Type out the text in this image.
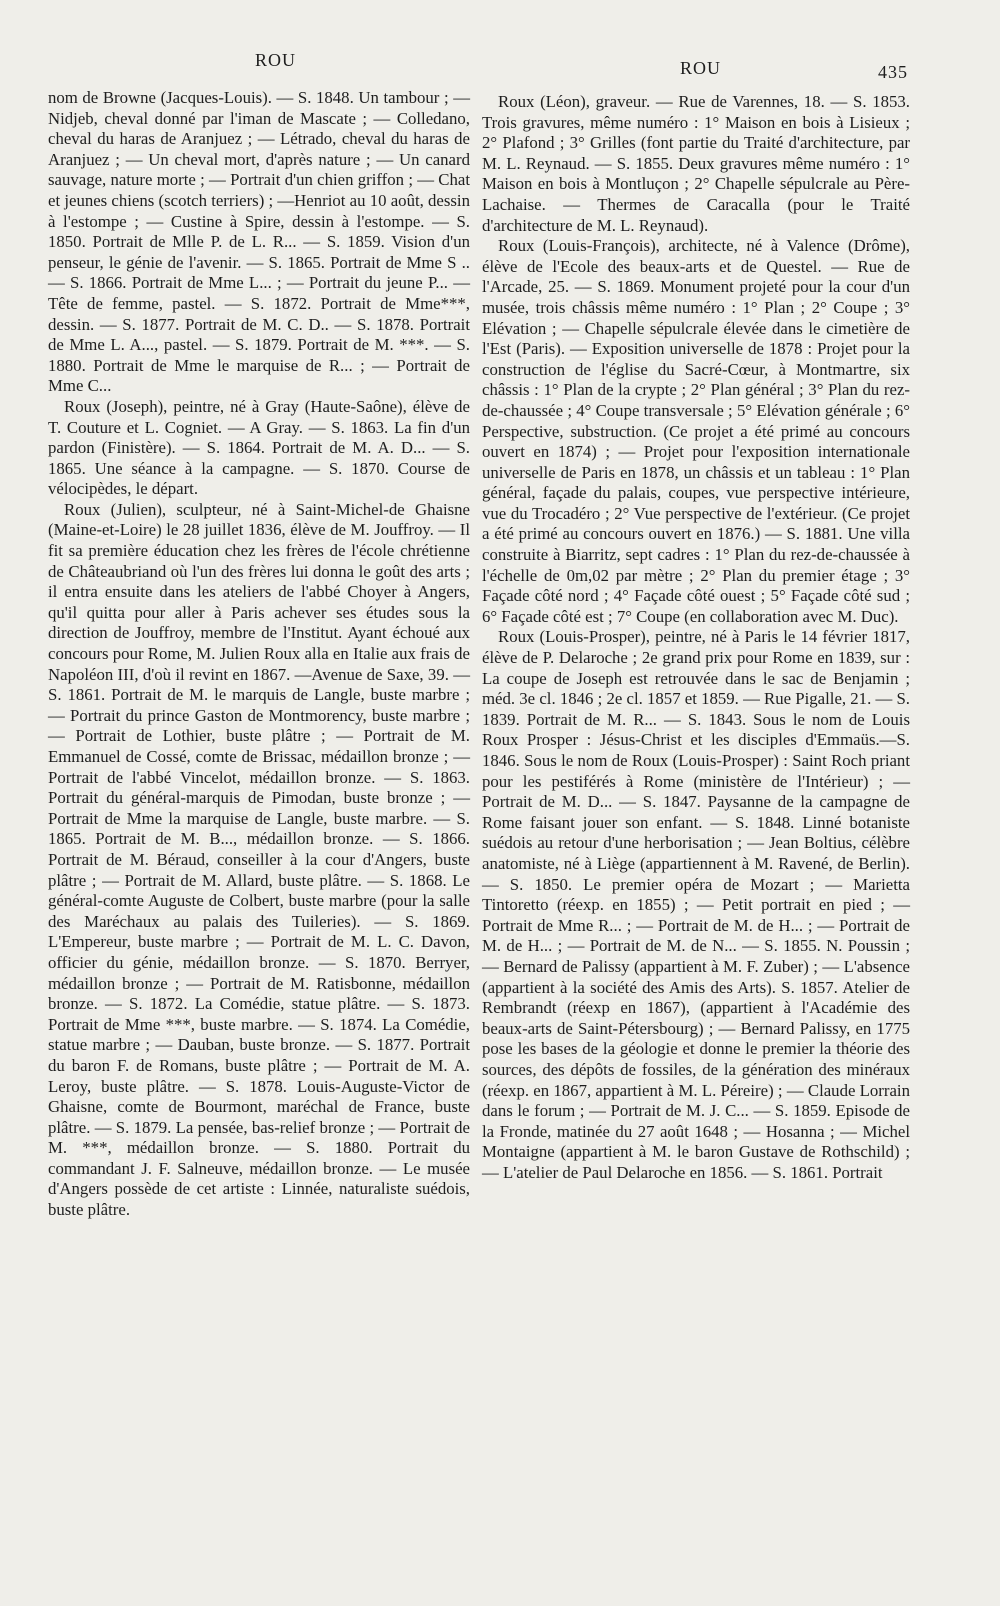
ROU	ROU	435

nom de Browne (Jacques-Louis). — S. 1848. Un tambour ; — Nidjeb, cheval donné par l'iman de Mascate ; — Colledano, cheval du haras de Aranjuez ; — Létrado, cheval du haras de Aranjuez ; — Un cheval mort, d'après nature ; — Un canard sauvage, nature morte ; — Portrait d'un chien griffon ; — Chat et jeunes chiens (scotch terriers) ; —Henriot au 10 août, dessin à l'estompe ; — Custine à Spire, dessin à l'estompe. — S. 1850. Portrait de Mlle P. de L. R... — S. 1859. Vision d'un penseur, le génie de l'avenir. — S. 1865. Portrait de Mme S .. — S. 1866. Portrait de Mme L... ; — Portrait du jeune P... — Tête de femme, pastel. — S. 1872. Portrait de Mme***, dessin. — S. 1877. Portrait de M. C. D.. — S. 1878. Portrait de Mme L. A..., pastel. — S. 1879. Portrait de M. ***. — S. 1880. Portrait de Mme le marquise de R... ; — Portrait de Mme C...

Roux (Joseph), peintre, né à Gray (Haute-Saône), élève de T. Couture et L. Cogniet. — A Gray. — S. 1863. La fin d'un pardon (Finistère). — S. 1864. Portrait de M. A. D... — S. 1865. Une séance à la campagne. — S. 1870. Course de vélocipèdes, le départ.

Roux (Julien), sculpteur, né à Saint-Michel-de Ghaisne (Maine-et-Loire) le 28 juillet 1836, élève de M. Jouffroy. — Il fit sa première éducation chez les frères de l'école chrétienne de Châteaubriand où l'un des frères lui donna le goût des arts ; il entra ensuite dans les ateliers de l'abbé Choyer à Angers, qu'il quitta pour aller à Paris achever ses études sous la direction de Jouffroy, membre de l'Institut. Ayant échoué aux concours pour Rome, M. Julien Roux alla en Italie aux frais de Napoléon III, d'où il revint en 1867. —Avenue de Saxe, 39. — S. 1861. Portrait de M. le marquis de Langle, buste marbre ; — Portrait du prince Gaston de Montmorency, buste marbre ; — Portrait de Lothier, buste plâtre ; — Portrait de M. Emmanuel de Cossé, comte de Brissac, médaillon bronze ; — Portrait de l'abbé Vincelot, médaillon bronze. — S. 1863. Portrait du général-marquis de Pimodan, buste bronze ; — Portrait de Mme la marquise de Langle, buste marbre. — S. 1865. Portrait de M. B..., médaillon bronze. — S. 1866. Portrait de M. Béraud, conseiller à la cour d'Angers, buste plâtre ; — Portrait de M. Allard, buste plâtre. — S. 1868. Le général-comte Auguste de Colbert, buste marbre (pour la salle des Maréchaux au palais des Tuileries). — S. 1869. L'Empereur, buste marbre ; — Portrait de M. L. C. Davon, officier du génie, médaillon bronze. — S. 1870. Berryer, médaillon bronze ; — Portrait de M. Ratisbonne, médaillon bronze. — S. 1872. La Comédie, statue plâtre. — S. 1873. Portrait de Mme ***, buste marbre. — S. 1874. La Comédie, statue marbre ; — Dauban, buste bronze. — S. 1877. Portrait du baron F. de Romans, buste plâtre ; — Portrait de M. A. Leroy, buste plâtre. — S. 1878. Louis-Auguste-Victor de Ghaisne, comte de Bourmont, maréchal de France, buste plâtre. — S. 1879. La pensée, bas-relief bronze ; — Portrait de M. ***, médaillon bronze. — S. 1880. Portrait du commandant J. F. Salneuve, médaillon bronze. — Le musée d'Angers possède de cet artiste : Linnée, naturaliste suédois, buste plâtre.

Roux (Léon), graveur. — Rue de Varennes, 18. — S. 1853. Trois gravures, même numéro : 1° Maison en bois à Lisieux ; 2° Plafond ; 3° Grilles (font partie du Traité d'architecture, par M. L. Reynaud. — S. 1855. Deux gravures même numéro : 1° Maison en bois à Montluçon ; 2° Chapelle sépulcrale au Père-Lachaise. — Thermes de Caracalla (pour le Traité d'architecture de M. L. Reynaud).

Roux (Louis-François), architecte, né à Valence (Drôme), élève de l'Ecole des beaux-arts et de Questel. — Rue de l'Arcade, 25. — S. 1869. Monument projeté pour la cour d'un musée, trois châssis même numéro : 1° Plan ; 2° Coupe ; 3° Elévation ; — Chapelle sépulcrale élevée dans le cimetière de l'Est (Paris). — Exposition universelle de 1878 : Projet pour la construction de l'église du Sacré-Cœur, à Montmartre, six châssis : 1° Plan de la crypte ; 2° Plan général ; 3° Plan du rez-de-chaussée ; 4° Coupe transversale ; 5° Elévation générale ; 6° Perspective, substruction. (Ce projet a été primé au concours ouvert en 1874) ; — Projet pour l'exposition internationale universelle de Paris en 1878, un châssis et un tableau : 1° Plan général, façade du palais, coupes, vue perspective intérieure, vue du Trocadéro ; 2° Vue perspective de l'extérieur. (Ce projet a été primé au concours ouvert en 1876.) — S. 1881. Une villa construite à Biarritz, sept cadres : 1° Plan du rez-de-chaussée à l'échelle de 0m,02 par mètre ; 2° Plan du premier étage ; 3° Façade côté nord ; 4° Façade côté ouest ; 5° Façade côté sud ; 6° Façade côté est ; 7° Coupe (en collaboration avec M. Duc).

Roux (Louis-Prosper), peintre, né à Paris le 14 février 1817, élève de P. Delaroche ; 2e grand prix pour Rome en 1839, sur : La coupe de Joseph est retrouvée dans le sac de Benjamin ; méd. 3e cl. 1846 ; 2e cl. 1857 et 1859. — Rue Pigalle, 21. — S. 1839. Portrait de M. R... — S. 1843. Sous le nom de Louis Roux Prosper : Jésus-Christ et les disciples d'Emmaüs.—S. 1846. Sous le nom de Roux (Louis-Prosper) : Saint Roch priant pour les pestiférés à Rome (ministère de l'Intérieur) ; — Portrait de M. D... — S. 1847. Paysanne de la campagne de Rome faisant jouer son enfant. — S. 1848. Linné botaniste suédois au retour d'une herborisation ; — Jean Boltius, célèbre anatomiste, né à Liège (appartiennent à M. Ravené, de Berlin).— S. 1850. Le premier opéra de Mozart ; — Marietta Tintoretto (réexp. en 1855) ; — Petit portrait en pied ; — Portrait de Mme R... ; — Portrait de M. de H... ; — Portrait de M. de H... ; — Portrait de M. de N... — S. 1855. N. Poussin ; — Bernard de Palissy (appartient à M. F. Zuber) ; — L'absence (appartient à la société des Amis des Arts). S. 1857. Atelier de Rembrandt (réexp en 1867), (appartient à l'Académie des beaux-arts de Saint-Pétersbourg) ; — Bernard Palissy, en 1775 pose les bases de la géologie et donne le premier la théorie des sources, des dépôts de fossiles, de la génération des minéraux (réexp. en 1867, appartient à M. L. Péreire) ; — Claude Lorrain dans le forum ; — Portrait de M. J. C... — S. 1859. Episode de la Fronde, matinée du 27 août 1648 ; — Hosanna ; — Michel Montaigne (appartient à M. le baron Gustave de Rothschild) ; — L'atelier de Paul Delaroche en 1856. — S. 1861. Portrait
